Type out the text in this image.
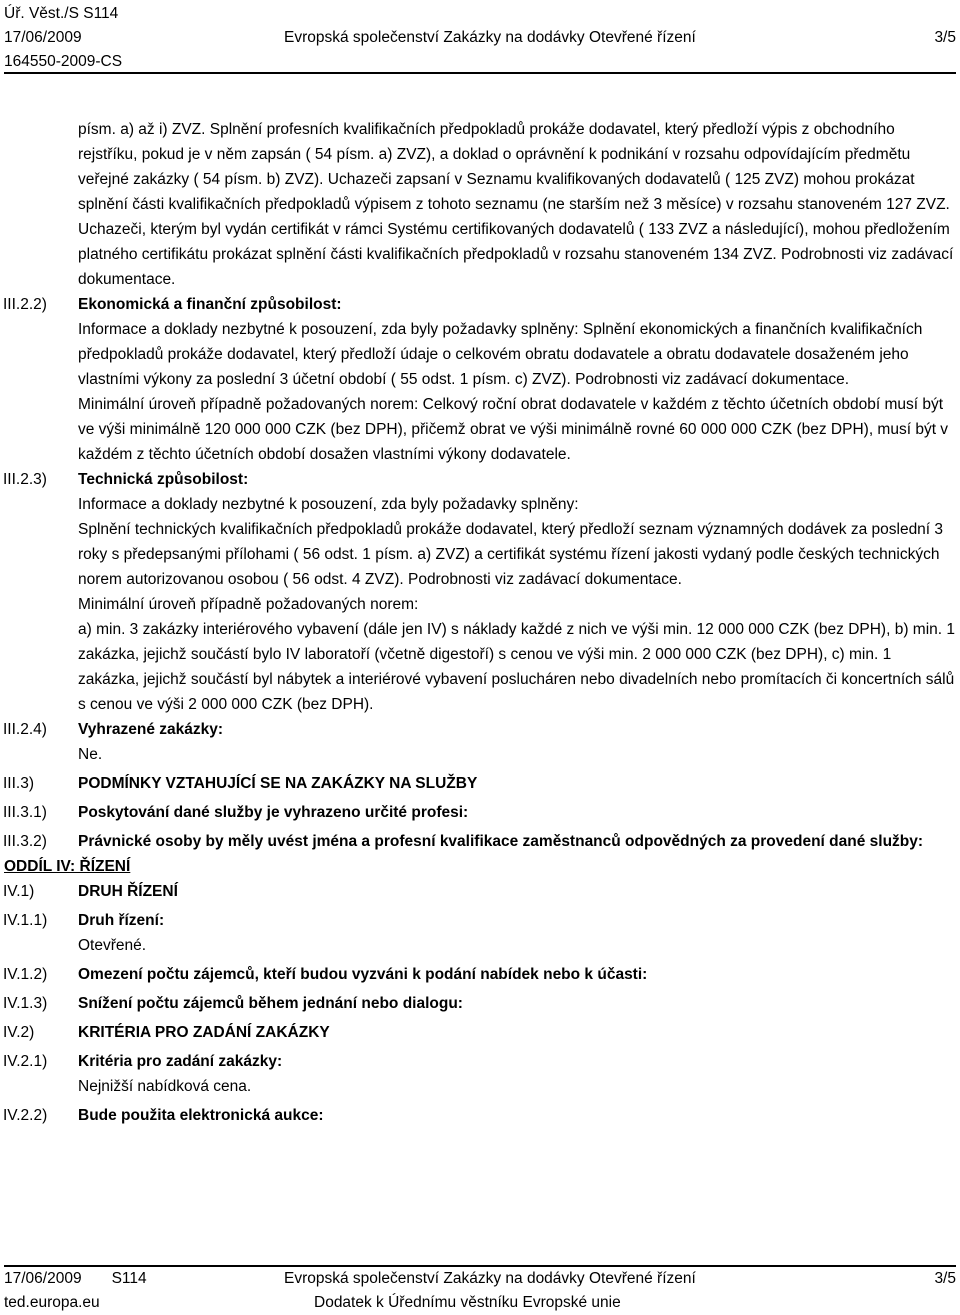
Úř. Věst./S S114
17/06/2009	Evropská společenství Zakázky na dodávky Otevřené řízení	3/5
164550-2009-CS
písm. a) až i) ZVZ. Splnění profesních kvalifikačních předpokladů prokáže dodavatel, který předloží výpis z obchodního rejstříku, pokud je v něm zapsán ( 54 písm. a) ZVZ), a doklad o oprávnění k podnikání v rozsahu odpovídajícím předmětu veřejné zakázky ( 54 písm. b) ZVZ). Uchazeči zapsaní v Seznamu kvalifikovaných dodavatelů ( 125 ZVZ) mohou prokázat splnění části kvalifikačních předpokladů výpisem z tohoto seznamu (ne starším než 3 měsíce) v rozsahu stanoveném 127 ZVZ. Uchazeči, kterým byl vydán certifikát v rámci Systému certifikovaných dodavatelů ( 133 ZVZ a následující), mohou předložením platného certifikátu prokázat splnění části kvalifikačních předpokladů v rozsahu stanoveném 134 ZVZ. Podrobnosti viz zadávací dokumentace.
III.2.2)	Ekonomická a finanční způsobilost:
Informace a doklady nezbytné k posouzení, zda byly požadavky splněny: Splnění ekonomických a finančních kvalifikačních předpokladů prokáže dodavatel, který předloží údaje o celkovém obratu dodavatele a obratu dodavatele dosaženém jeho vlastními výkony za poslední 3 účetní období ( 55 odst. 1 písm. c) ZVZ). Podrobnosti viz zadávací dokumentace.
Minimální úroveň případně požadovaných norem: Celkový roční obrat dodavatele v každém z těchto účetních období musí být ve výši minimálně 120 000 000 CZK (bez DPH), přičemž obrat ve výši minimálně rovné 60 000 000 CZK (bez DPH), musí být v každém z těchto účetních období dosažen vlastními výkony dodavatele.
III.2.3)	Technická způsobilost:
Informace a doklady nezbytné k posouzení, zda byly požadavky splněny:
Splnění technických kvalifikačních předpokladů prokáže dodavatel, který předloží seznam významných dodávek za poslední 3 roky s předepsanými přílohami ( 56 odst. 1 písm. a) ZVZ) a certifikát systému řízení jakosti vydaný podle českých technických norem autorizovanou osobou ( 56 odst. 4 ZVZ). Podrobnosti viz zadávací dokumentace.
Minimální úroveň případně požadovaných norem:
a) min. 3 zakázky interiérového vybavení (dále jen IV) s náklady každé z nich ve výši min. 12 000 000 CZK (bez DPH), b) min. 1 zakázka, jejichž součástí bylo IV laboratoří (včetně digestoří) s cenou ve výši min. 2 000 000 CZK (bez DPH), c) min. 1 zakázka, jejichž součástí byl nábytek a interiérové vybavení poslucháren nebo divadelních nebo promítacích či koncertních sálů s cenou ve výši 2 000 000 CZK (bez DPH).
III.2.4)	Vyhrazené zakázky:
Ne.
III.3)	PODMÍNKY VZTAHUJÍCÍ SE NA ZAKÁZKY NA SLUŽBY
III.3.1)	Poskytování dané služby je vyhrazeno určité profesi:
III.3.2)	Právnické osoby by měly uvést jména a profesní kvalifikace zaměstnanců odpovědných za provedení dané služby:
ODDÍL IV: ŘÍZENÍ
IV.1)	DRUH ŘÍZENÍ
IV.1.1)	Druh řízení:
Otevřené.
IV.1.2)	Omezení počtu zájemců, kteří budou vyzváni k podání nabídek nebo k účasti:
IV.1.3)	Snížení počtu zájemců během jednání nebo dialogu:
IV.2)	KRITÉRIA PRO ZADÁNÍ ZAKÁZKY
IV.2.1)	Kritéria pro zadání zakázky:
Nejnižší nabídková cena.
IV.2.2)	Bude použita elektronická aukce:
17/06/2009 S114	Evropská společenství Zakázky na dodávky Otevřené řízení	3/5
ted.europa.eu	Dodatek k Úřednímu věstníku Evropské unie
